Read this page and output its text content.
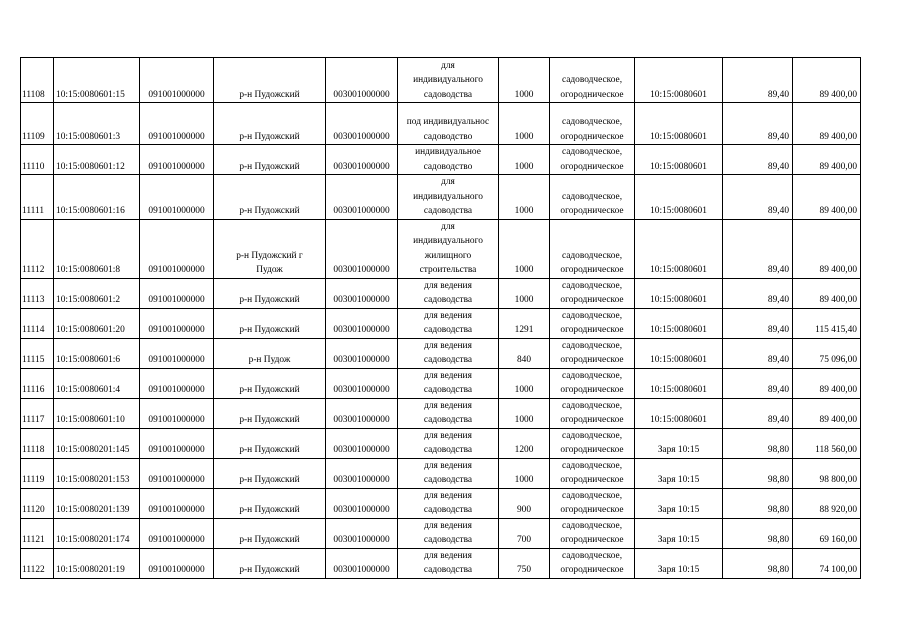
11108	10:15:0080601:15	091001000000	р-н Пудожский	003001000000	для
индивидуального
садоводства	1000	садоводческое,
огородническое	10:15:0080601	89,40	89 400,00
11109	10:15:0080601:3	091001000000	р-н Пудожский	003001000000	под индивидуальнос
садоводство	1000	садоводческое,
огородническое	10:15:0080601	89,40	89 400,00
11110	10:15:0080601:12	091001000000	р-н Пудожский	003001000000	индивидуальное
садоводство	1000	садоводческое,
огородническое	10:15:0080601	89,40	89 400,00
11111	10:15:0080601:16	091001000000	р-н Пудожский	003001000000	для
индивидуального
садоводства	1000	садоводческое,
огородническое	10:15:0080601	89,40	89 400,00
11112	10:15:0080601:8	091001000000	р-н Пудожский г
Пудож	003001000000	для
индивидуального
жилищного
строительства	1000	садоводческое,
огородническое	10:15:0080601	89,40	89 400,00
11113	10:15:0080601:2	091001000000	р-н Пудожский	003001000000	для ведения
садоводства	1000	садоводческое,
огородническое	10:15:0080601	89,40	89 400,00
11114	10:15:0080601:20	091001000000	р-н Пудожский	003001000000	для ведения
садоводства	1291	садоводческое,
огородническое	10:15:0080601	89,40	115 415,40
11115	10:15:0080601:6	091001000000	р-н Пудож	003001000000	для ведения
садоводства	840	садоводческое,
огородническое	10:15:0080601	89,40	75 096,00
11116	10:15:0080601:4	091001000000	р-н Пудожский	003001000000	для ведения
садоводства	1000	садоводческое,
огородническое	10:15:0080601	89,40	89 400,00
11117	10:15:0080601:10	091001000000	р-н Пудожский	003001000000	для ведения
садоводства	1000	садоводческое,
огородническое	10:15:0080601	89,40	89 400,00
11118	10:15:0080201:145	091001000000	р-н Пудожский	003001000000	для ведения
садоводства	1200	садоводческое,
огородническое	Заря 10:15	98,80	118 560,00
11119	10:15:0080201:153	091001000000	р-н Пудожский	003001000000	для ведения
садоводства	1000	садоводческое,
огородническое	Заря 10:15	98,80	98 800,00
11120	10:15:0080201:139	091001000000	р-н Пудожский	003001000000	для ведения
садоводства	900	садоводческое,
огородническое	Заря 10:15	98,80	88 920,00
11121	10:15:0080201:174	091001000000	р-н Пудожский	003001000000	для ведения
садоводства	700	садоводческое,
огородническое	Заря 10:15	98,80	69 160,00
11122	10:15:0080201:19	091001000000	р-н Пудожский	003001000000	для ведения
садоводства	750	садоводческое,
огородническое	Заря 10:15	98,80	74 100,00
